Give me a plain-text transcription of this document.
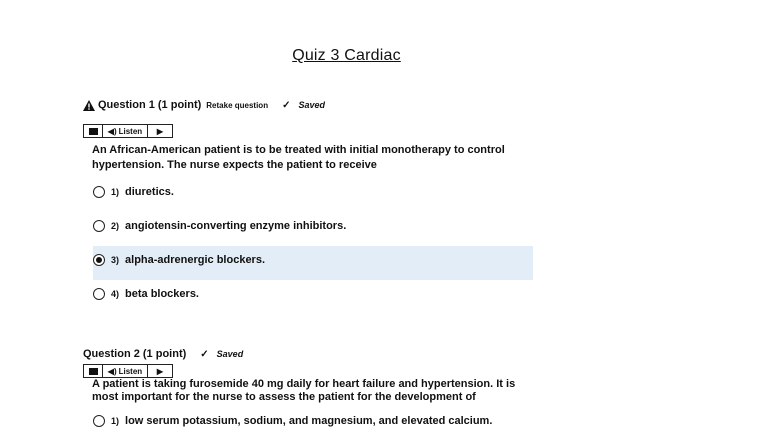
Quiz 3 Cardiac
Question 1 (1 point) Retake question ✓ Saved
◀) Listen ▶
An African-American patient is to be treated with initial monotherapy to control
hypertension. The nurse expects the patient to receive
1) diuretics.
2) angiotensin-converting enzyme inhibitors.
3) alpha-adrenergic blockers.
4) beta blockers.
Question 2 (1 point) ✓ Saved
◀) Listen ▶
A patient is taking furosemide 40 mg daily for heart failure and hypertension. It is
most important for the nurse to assess the patient for the development of
1) low serum potassium, sodium, and magnesium, and elevated calcium.
